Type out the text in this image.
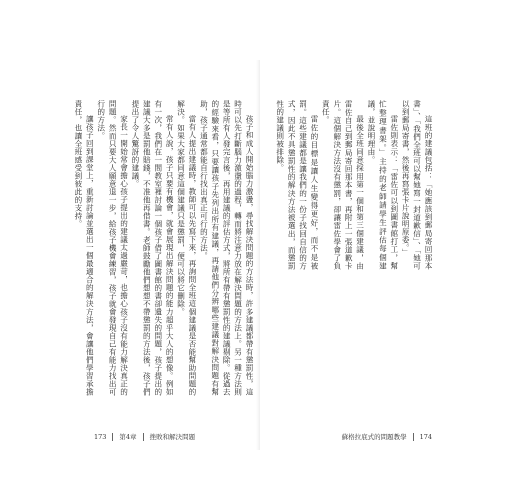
孩子和成人開始腦力激盪，尋找解決問題的方法時，許多建議都帶有懲罰性，這時可以先打斷腦力激盪的過程，轉而將注意力放在解決問題的方法上。另一種方法則是等所有人發完言後，再用建議的評估方式，將所有帶有懲罰性的建議剔除。從過去的經驗來看，只要讓孩子先列出所有建議，再請他們分辨哪些建議對解決問題有幫助，孩子通常都能自行找出真正可行的方法。

當有人提出建議時，教師可以先寫下來，再詢問全班這個建議是否能幫助問題的解決。如果大家都同意這個建議只是懲罰，便可以將它刪除。

常有人說，孩子只要有機會，就會展現出解決問題的能力超乎大人的想像。例如有一次，我們在一間教室裡討論一個孩子借了圖書館的書卻遺失的問題，孩子提出的建議大多是罰他賠錢，不准他再借書。老師鼓勵他們想想不帶懲罰的方法後，孩子們提出了令人驚訝的建議。

家長一開始常會擔心孩子提出的建議太過嚴苛，也擔心孩子沒有能力解決真正的問題。然而只要大人願意退一步，給孩子機會練習，孩子就會發現自己有能力找出可行的方法。

讓孩子回到課堂上，重新討論並選出一個最適合的解決方法，會讓他們學習承擔責任，也讓全班感受到彼此的支持。

173 第4章 挫敗和解決問題

這班的建議包括：「她應該到郵局寄回那本書」、「我們全班可以幫她寫一封道歉信」、「她可以到郵局寄書，然後再寫張卡片說明原委。」

雷佐則表示：「雷佐可以到圖書館打工，幫忙整理書架。」主持的老師請學生評估每個建議，並說明理由。

最後全班同意採用第一個和第三個建議，由雷佐自己到郵局寄回那本書，再附上一張道歉卡片。這個解決方法沒有懲罰，卻讓雷佐學會了負責任。

雷佐的目標是讓人生變得更好，而不是被罰。這些建議都是讓我們的一份子找回自信的方式，因此不具懲罰性的解決方法被選出，而懲罰性的建議則被排除。

蘇格拉底式的問題教學 174
